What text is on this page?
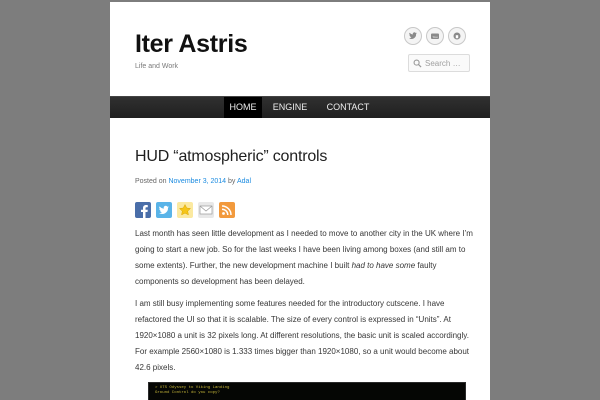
Iter Astris
Life and Work
You
Search …
HOME	ENGINE	CONTACT
HUD “atmospheric” controls
Posted on November 3, 2014 by Adal

Last month has seen little development as I needed to move to another city in the UK where I’m going to start a new job. So for the last weeks I have been living among boxes (and still am to some extents). Further, the new development machine I built had to have some faulty components so development has been delayed.

I am still busy implementing some features needed for the introductory cutscene. I have refactored the UI so that it is scalable. The size of every control is expressed in “Units”. At 1920×1080 a unit is 32 pixels long. At different resolutions, the basic unit is scaled accordingly. For example 2560×1080 is 1.333 times bigger than 1920×1080, so a unit would become about 42.6 pixels.

> UTS Odyssey to Viking Landing
Ground Control do you copy?
